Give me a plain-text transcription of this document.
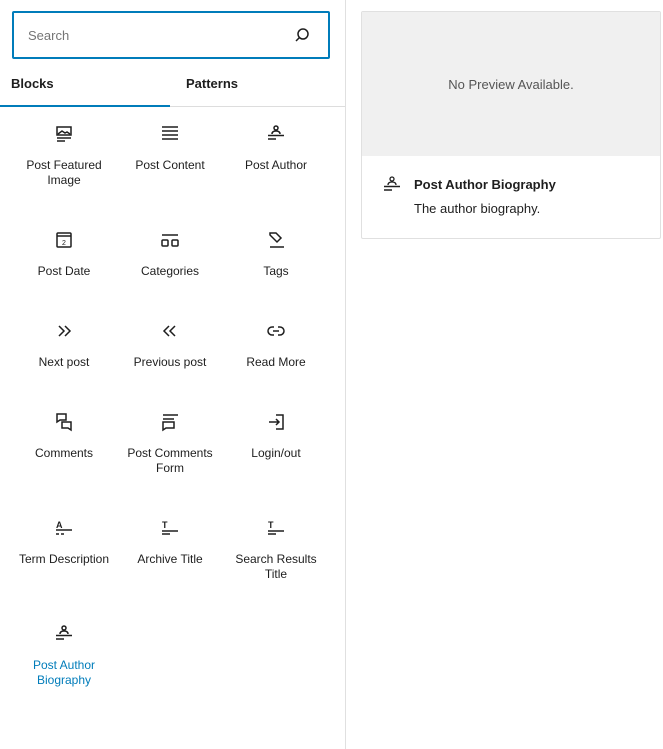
Search
Blocks	Patterns
Post Featured Image
Post Content	Post Author
2
Post Date	Categories	Tags
Next post	Previous post	Read More
Comments	Post Comments Form
Login/out
A
Term Description
T
Archive Title
T
Search Results Title
Post Author Biography
No Preview Available.
Post Author Biography
The author biography.
